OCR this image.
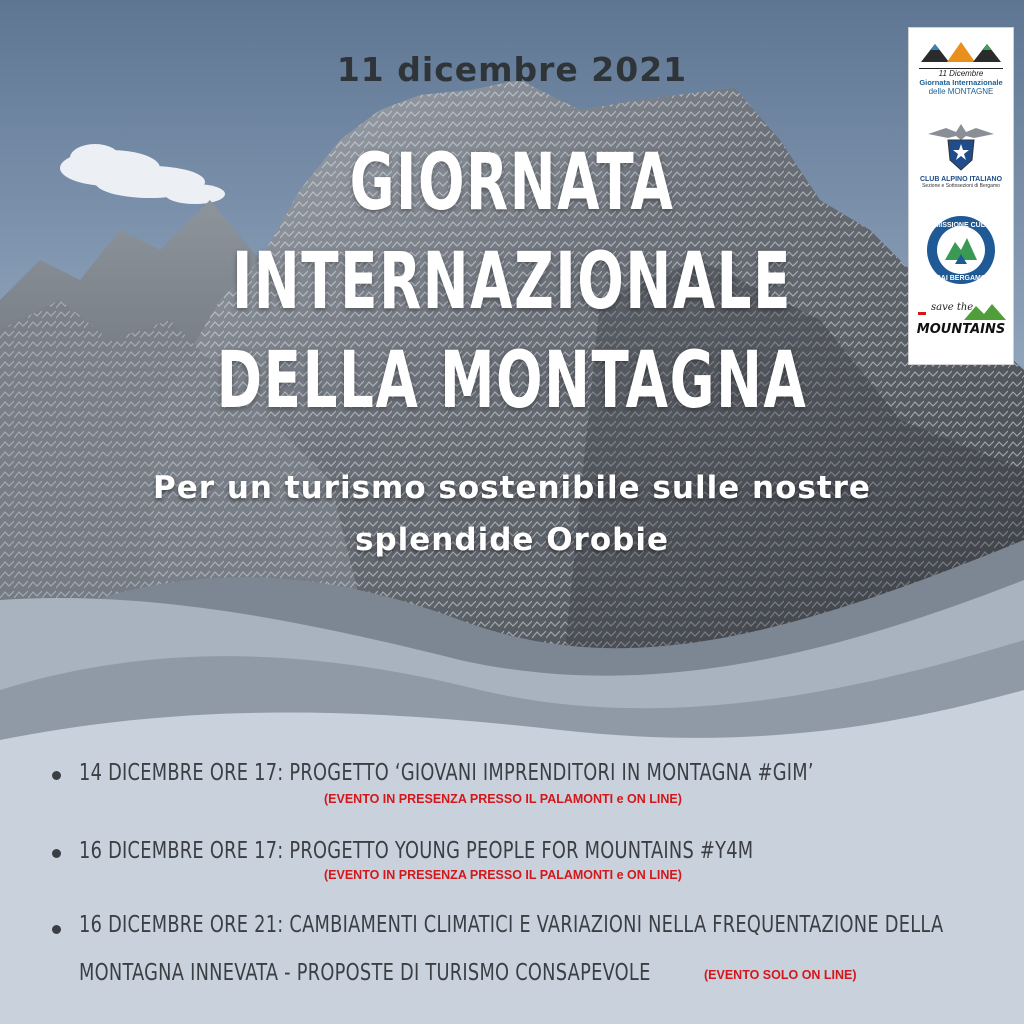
11 dicembre 2021
GIORNATA
INTERNAZIONALE
DELLA MONTAGNA
Per un turismo sostenibile sulle nostre
splendide Orobie
11 Dicembre
Giornata Internazionale
delle MONTAGNE
CLUB ALPINO ITALIANO
Sezione e Sottosezioni di Bergamo
COMMISSIONE CULTURA
CAI BERGAMO
save the
MOUNTAINS
14 DICEMBRE ORE 17: PROGETTO ‘GIOVANI IMPRENDITORI IN MONTAGNA #GIM’
(EVENTO IN PRESENZA PRESSO IL PALAMONTI e ON LINE)
16 DICEMBRE ORE 17: PROGETTO YOUNG PEOPLE FOR MOUNTAINS #Y4M
(EVENTO IN PRESENZA PRESSO IL PALAMONTI e ON LINE)
16 DICEMBRE ORE 21: CAMBIAMENTI CLIMATICI E VARIAZIONI NELLA FREQUENTAZIONE DELLA
MONTAGNA INNEVATA - PROPOSTE DI TURISMO CONSAPEVOLE	(EVENTO SOLO ON LINE)
